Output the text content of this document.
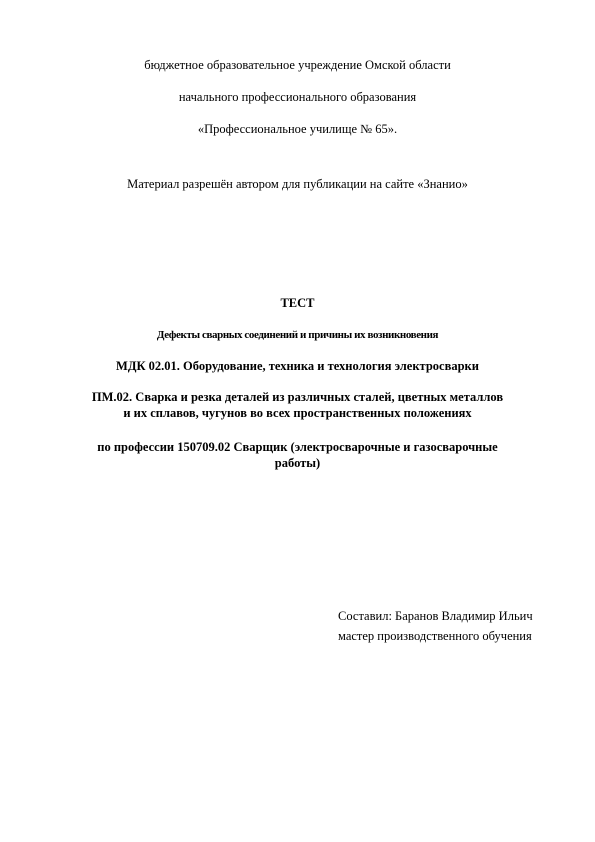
бюджетное образовательное учреждение Омской области
начального профессионального образования
«Профессиональное училище № 65».
Материал разрешён автором для публикации на сайте «Знанио»
ТЕСТ
Дефекты сварных соединений и причины их возникновения
МДК 02.01. Оборудование, техника и технология электросварки
ПМ.02. Сварка и резка деталей из различных сталей, цветных металлов
и их сплавов, чугунов во всех пространственных положениях
по профессии 150709.02 Сварщик (электросварочные и газосварочные
работы)
Составил: Баранов Владимир Ильич
мастер производственного обучения
